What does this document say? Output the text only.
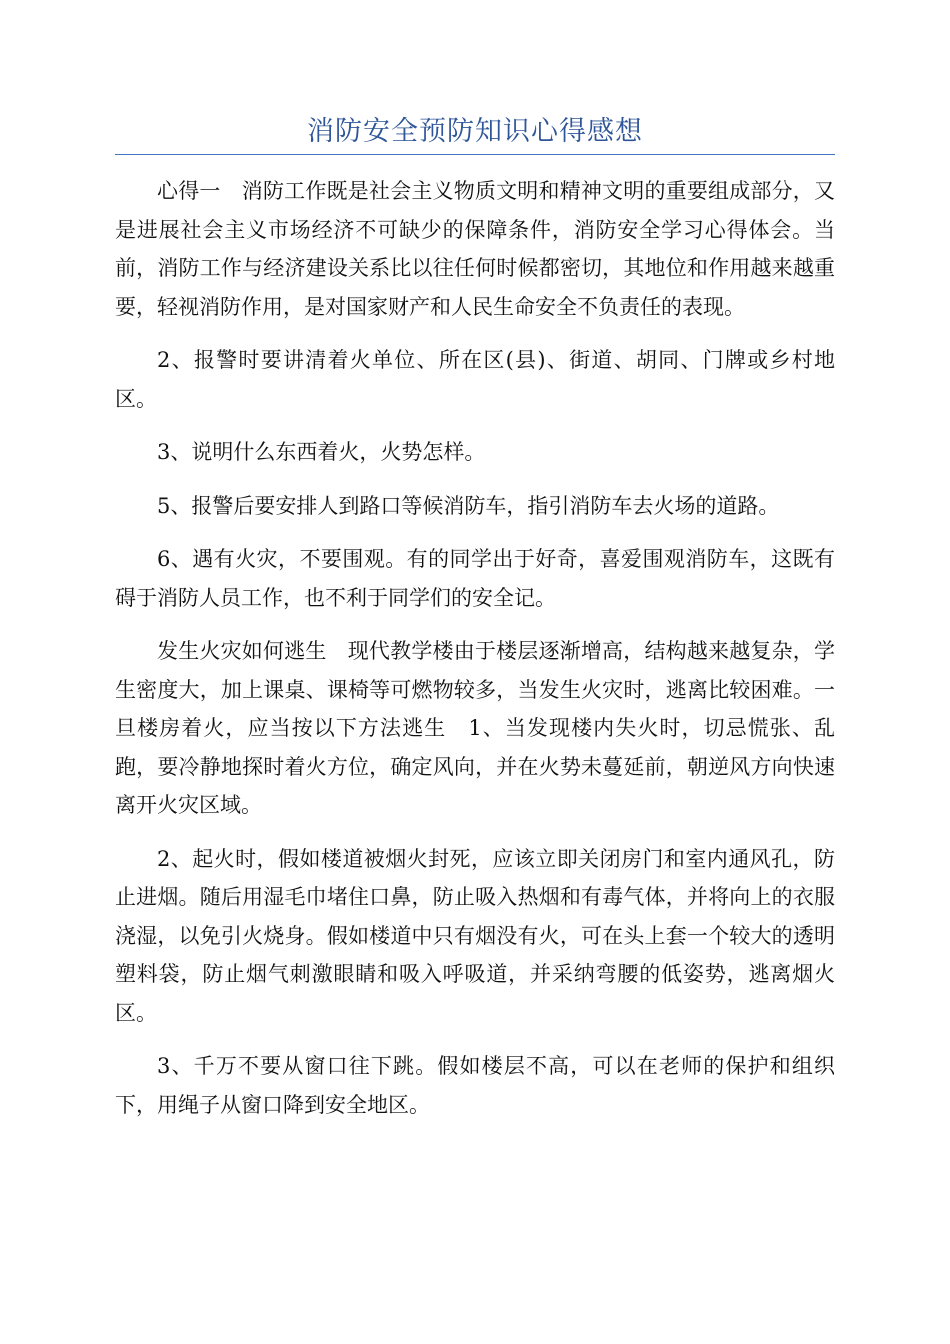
消防安全预防知识心得感想

心得一　消防工作既是社会主义物质文明和精神文明的重要组成部分，又是进展社会主义市场经济不可缺少的保障条件，消防安全学习心得体会。当前，消防工作与经济建设关系比以往任何时候都密切，其地位和作用越来越重要，轻视消防作用，是对国家财产和人民生命安全不负责任的表现。

2、报警时要讲清着火单位、所在区(县)、街道、胡同、门牌或乡村地区。

3、说明什么东西着火，火势怎样。

5、报警后要安排人到路口等候消防车，指引消防车去火场的道路。

6、遇有火灾，不要围观。有的同学出于好奇，喜爱围观消防车，这既有碍于消防人员工作，也不利于同学们的安全记。

发生火灾如何逃生　现代教学楼由于楼层逐渐增高，结构越来越复杂，学生密度大，加上课桌、课椅等可燃物较多，当发生火灾时，逃离比较困难。一旦楼房着火，应当按以下方法逃生　1、当发现楼内失火时，切忌慌张、乱跑，要冷静地探时着火方位，确定风向，并在火势未蔓延前，朝逆风方向快速离开火灾区域。

2、起火时，假如楼道被烟火封死，应该立即关闭房门和室内通风孔，防止进烟。随后用湿毛巾堵住口鼻，防止吸入热烟和有毒气体，并将向上的衣服浇湿，以免引火烧身。假如楼道中只有烟没有火，可在头上套一个较大的透明塑料袋，防止烟气刺激眼睛和吸入呼吸道，并采纳弯腰的低姿势，逃离烟火区。

3、千万不要从窗口往下跳。假如楼层不高，可以在老师的保护和组织下，用绳子从窗口降到安全地区。
